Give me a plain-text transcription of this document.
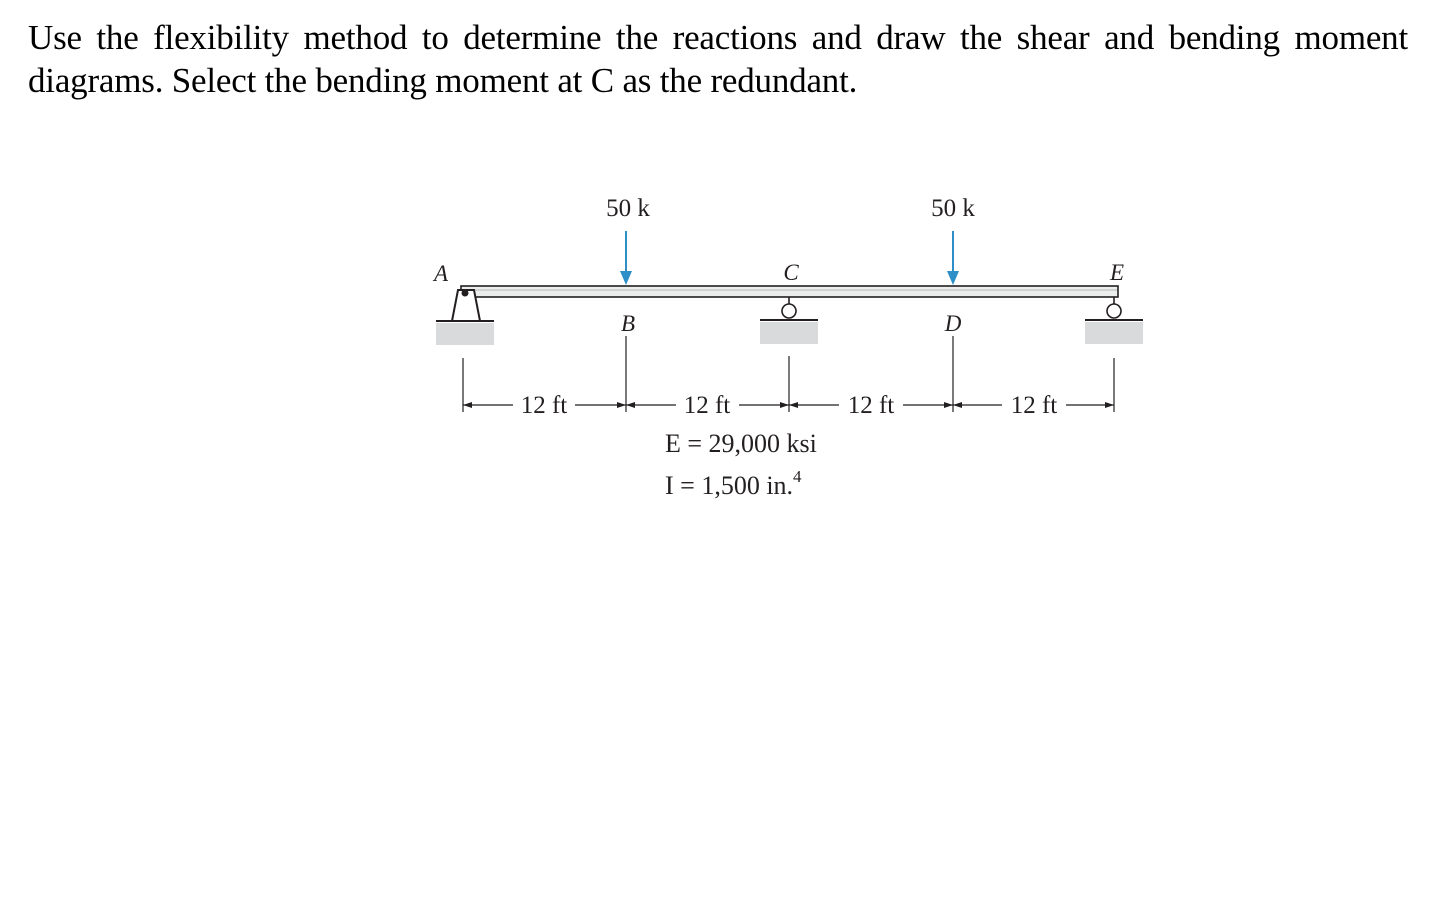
Use the flexibility method to determine the reactions and draw the shear and bending moment diagrams. Select the bending moment at C as the redundant.
50 k	50 k
A
B
C
D
E
12 ft	12 ft	12 ft	12 ft
E = 29,000 ksi
I = 1,500 in.$^4$
